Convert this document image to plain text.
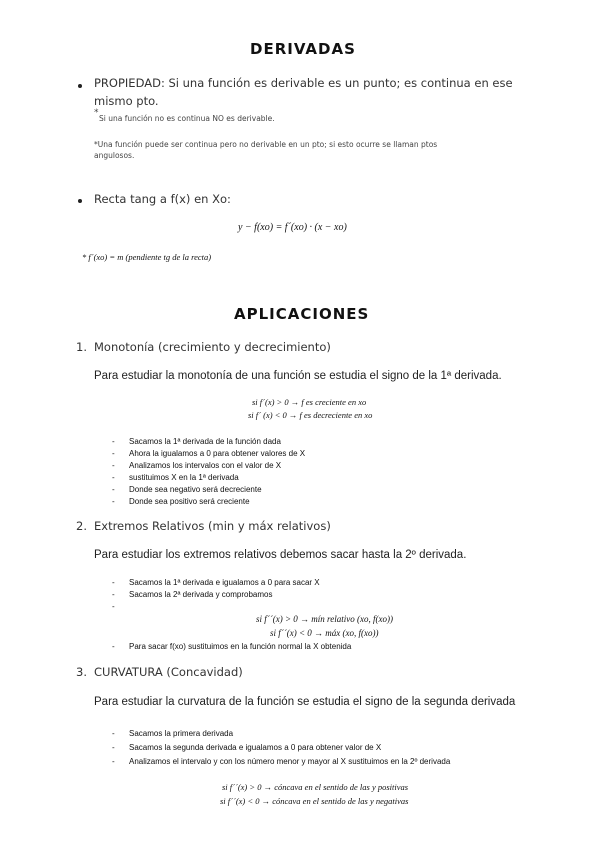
DERIVADAS
PROPIEDAD: Si una función es derivable es un punto; es continua en ese
mismo pto.
*
Si una función no es continua NO es derivable.
*Una función puede ser continua pero no derivable en un pto; si esto ocurre se llaman ptos
angulosos.
Recta tang a f(x) en Xo:
y − f(xo) = f´(xo) · (x − xo)
* f´(xo) = m (pendiente tg de la recta)
APLICACIONES
1. Monotonía (crecimiento y decrecimiento)
Para estudiar la monotonía de una función se estudia el signo de la 1ª derivada.
si f´(x) > 0 → f es creciente en xo
si f´ (x) < 0 → f es decreciente en xo
- Sacamos la 1ª derivada de la función dada
- Ahora la igualamos a 0 para obtener valores de X
- Analizamos los intervalos con el valor de X
- sustituimos X en la 1ª derivada
- Donde sea negativo será decreciente
- Donde sea positivo será creciente
2. Extremos Relativos (min y máx relativos)
Para estudiar los extremos relativos debemos sacar hasta la 2º derivada.
- Sacamos la 1ª derivada e igualamos a 0 para sacar X
- Sacamos la 2ª derivada y comprobamos
-
si f´´(x) > 0 → mín relativo (xo, f(xo))
si f´´(x) < 0 → máx (xo, f(xo))
- Para sacar f(xo) sustituimos en la función normal la X obtenida
3. CURVATURA (Concavidad)
Para estudiar la curvatura de la función se estudia el signo de la segunda derivada
- Sacamos la primera derivada
- Sacamos la segunda derivada e igualamos a 0 para obtener valor de X
- Analizamos el intervalo y con los número menor y mayor al X sustituimos en la 2º derivada
si f´´(x) > 0 → cóncava en el sentido de las y positivas
si f´´(x) < 0 → cóncava en el sentido de las y negativas
